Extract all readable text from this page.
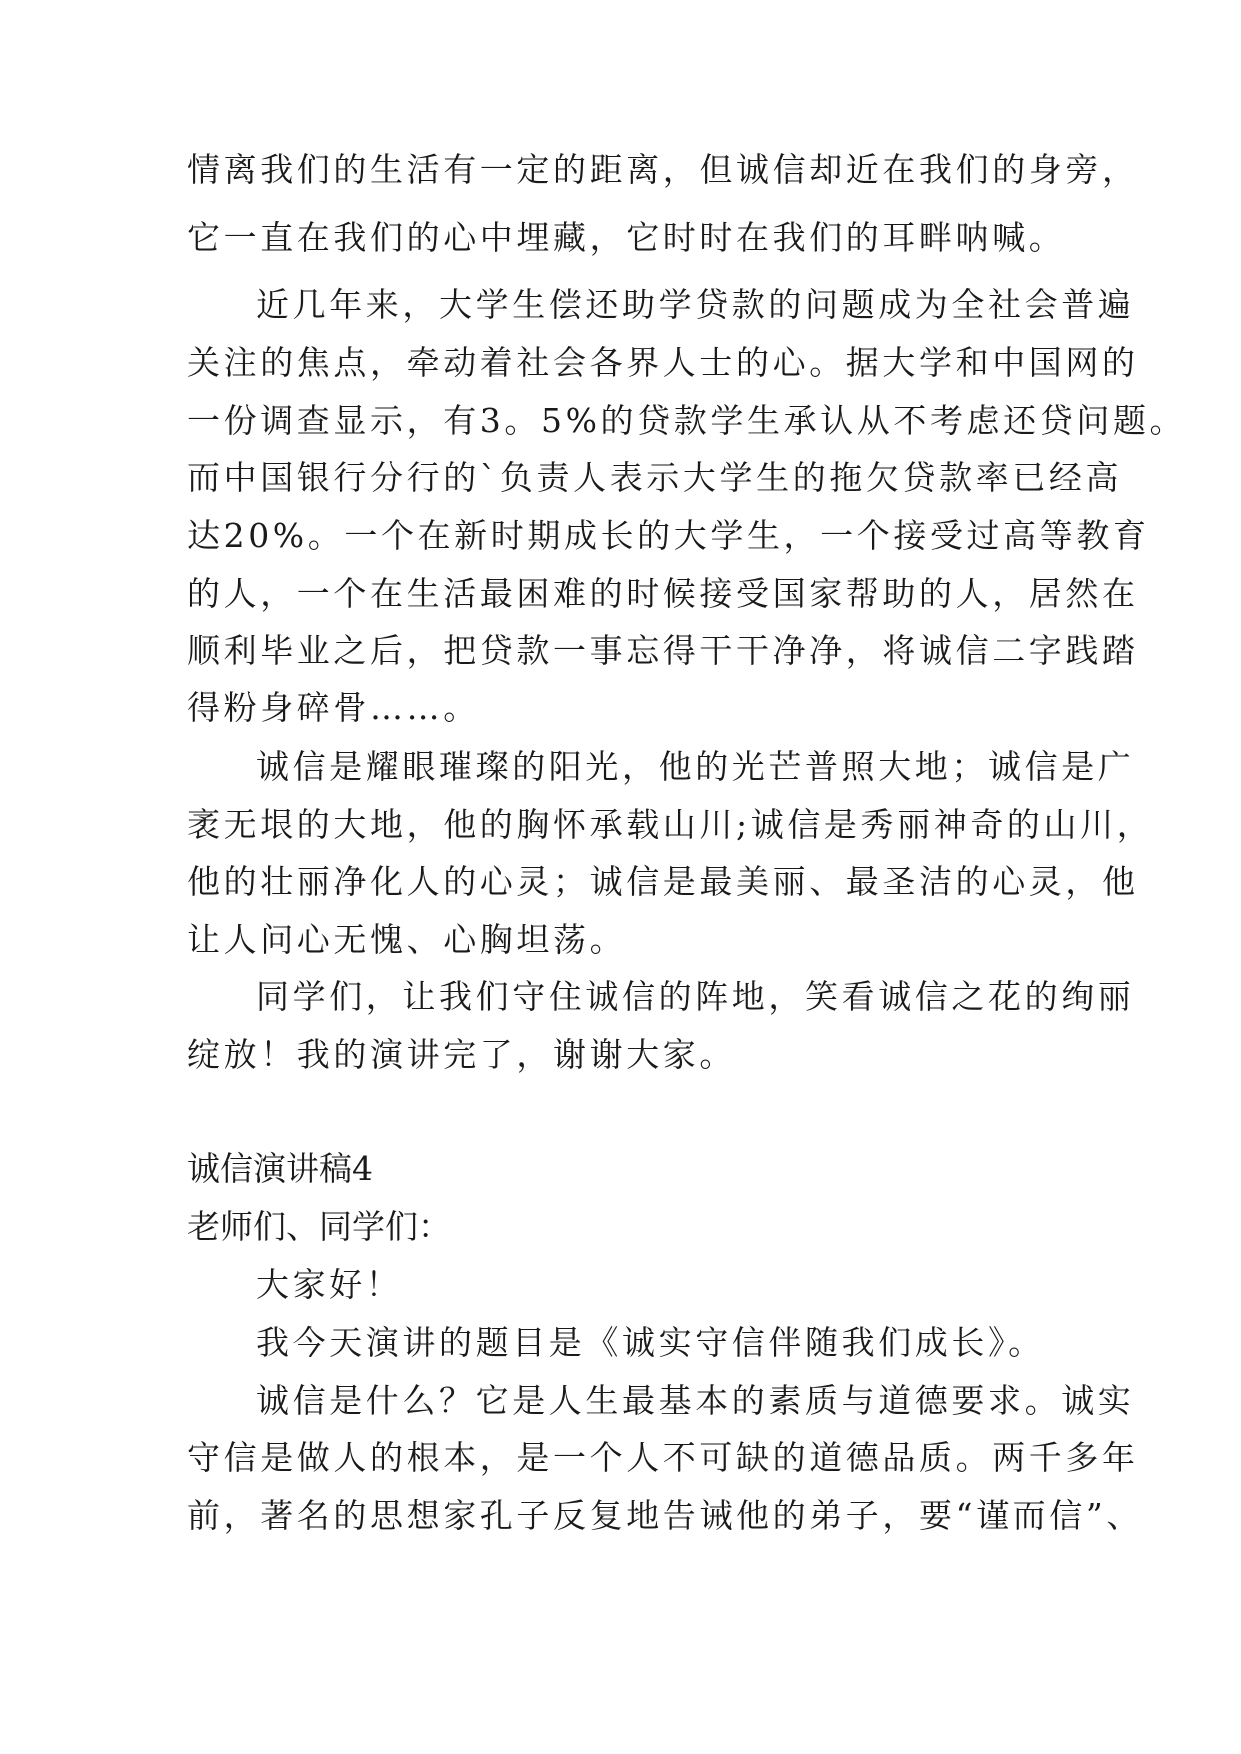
情离我们的生活有一定的距离，但诚信却近在我们的身旁，
它一直在我们的心中埋藏，它时时在我们的耳畔呐喊。
近几年来，大学生偿还助学贷款的问题成为全社会普遍
关注的焦点，牵动着社会各界人士的心。据大学和中国网的
一份调查显示，有3。5%的贷款学生承认从不考虑还贷问题。
而中国银行分行的`负责人表示大学生的拖欠贷款率已经高
达20%。一个在新时期成长的大学生，一个接受过高等教育
的人，一个在生活最困难的时候接受国家帮助的人，居然在
顺利毕业之后，把贷款一事忘得干干净净，将诚信二字践踏
得粉身碎骨……。
诚信是耀眼璀璨的阳光，他的光芒普照大地；诚信是广
袤无垠的大地，他的胸怀承载山川;诚信是秀丽神奇的山川，
他的壮丽净化人的心灵；诚信是最美丽、最圣洁的心灵，他
让人问心无愧、心胸坦荡。
同学们，让我们守住诚信的阵地，笑看诚信之花的绚丽
绽放！我的演讲完了，谢谢大家。
诚信演讲稿4
老师们、同学们：
大家好！
我今天演讲的题目是《诚实守信伴随我们成长》。
诚信是什么？它是人生最基本的素质与道德要求。诚实
守信是做人的根本，是一个人不可缺的道德品质。两千多年
前，著名的思想家孔子反复地告诫他的弟子，要“谨而信”、
